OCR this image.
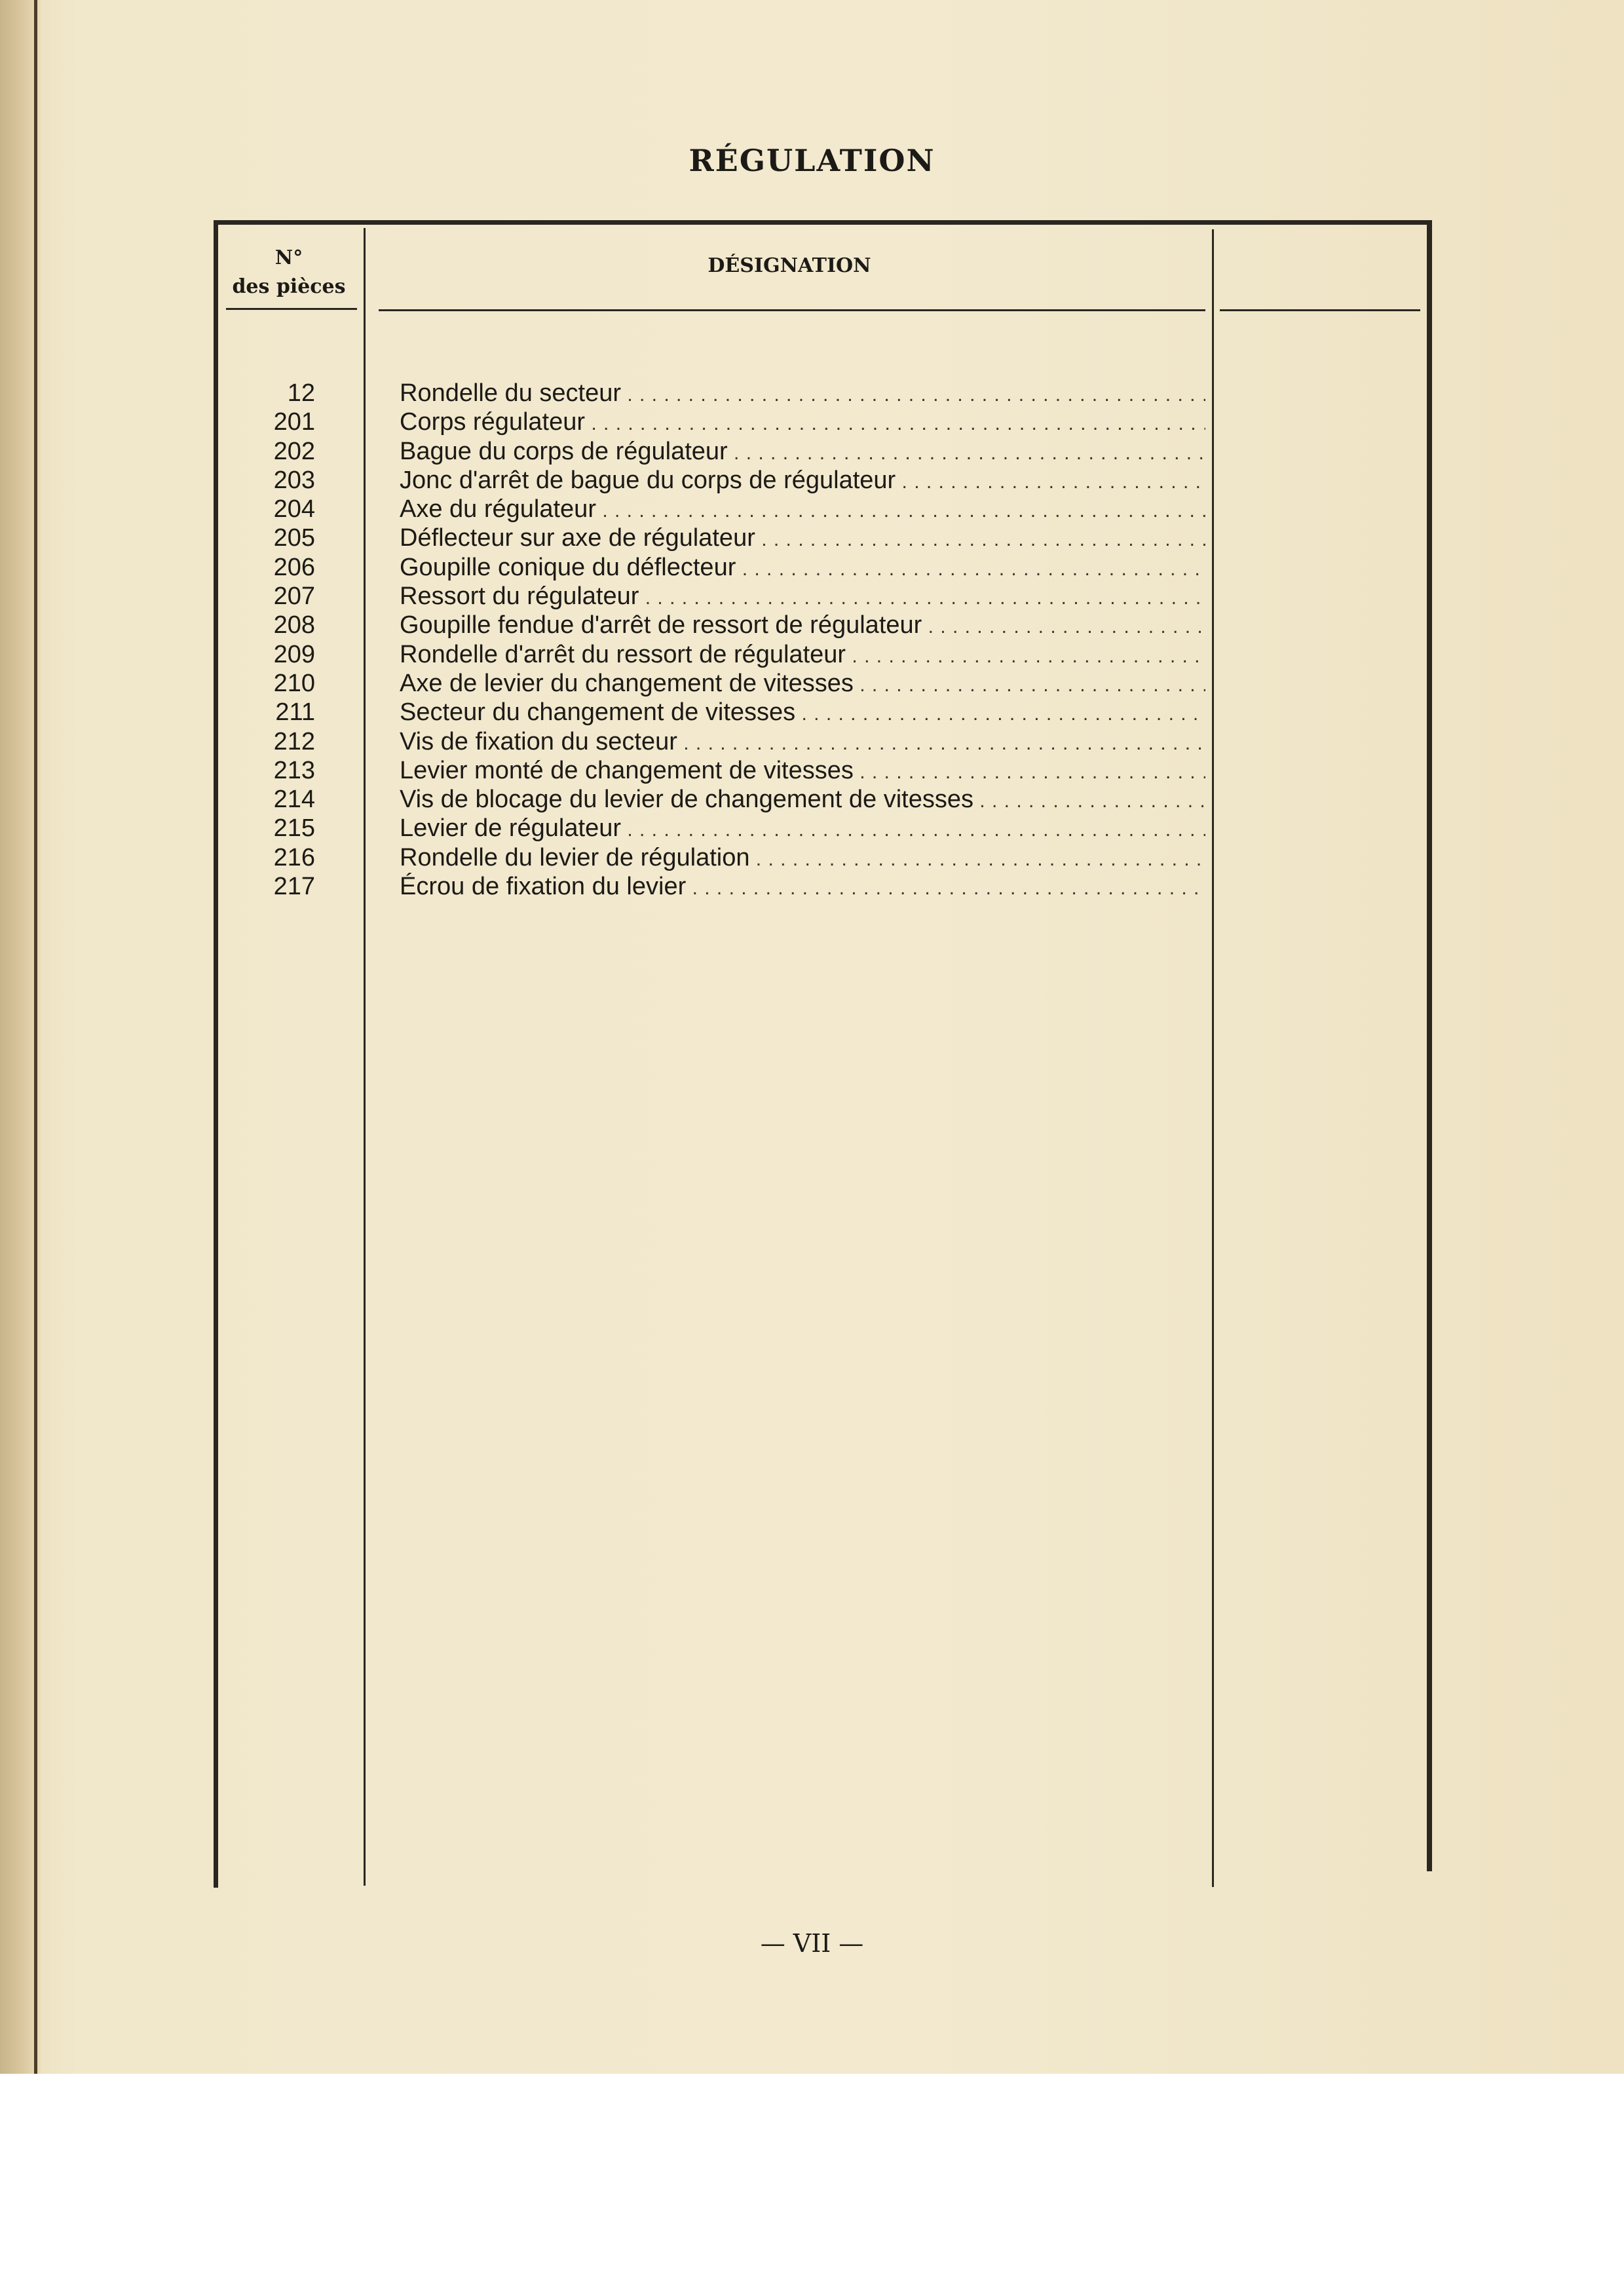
RÉGULATION
N°
des pièces
DÉSIGNATION
12	Rondelle du secteur . . .
201	Corps régulateur . . .
202	Bague du corps de régulateur . . .
203	Jonc d'arrêt de bague du corps de régulateur . . .
204	Axe du régulateur . . .
205	Déflecteur sur axe de régulateur . . .
206	Goupille conique du déflecteur . . .
207	Ressort du régulateur . . .
208	Goupille fendue d'arrêt de ressort de régulateur . . .
209	Rondelle d'arrêt du ressort de régulateur . . .
210	Axe de levier du changement de vitesses . . .
211	Secteur du changement de vitesses . . .
212	Vis de fixation du secteur . . .
213	Levier monté de changement de vitesses . . .
214	Vis de blocage du levier de changement de vitesses . . .
215	Levier de régulateur . . .
216	Rondelle du levier de régulation . . .
217	Écrou de fixation du levier . . .
— VII —
